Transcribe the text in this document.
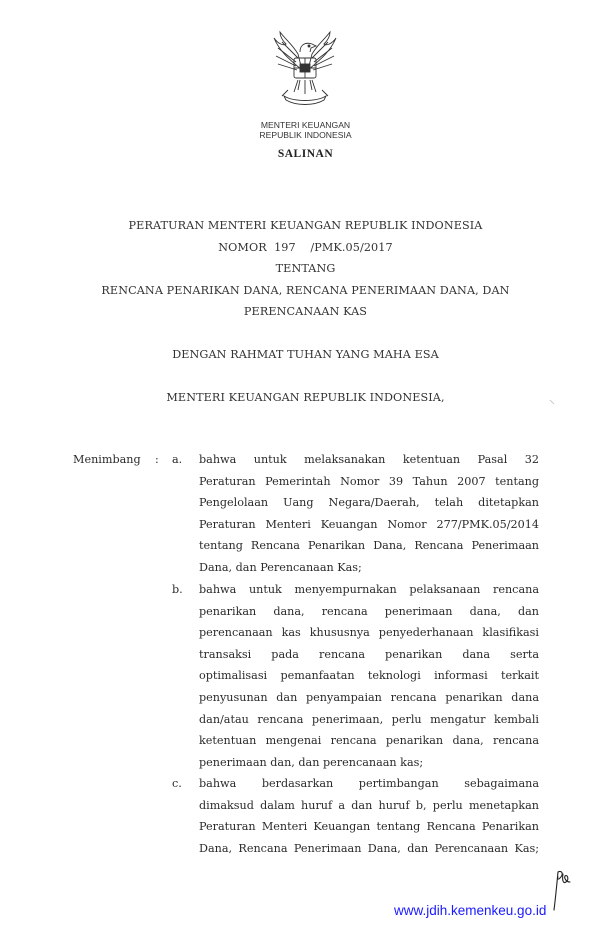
MENTERI KEUANGAN
REPUBLIK INDONESIA
SALINAN
PERATURAN MENTERI KEUANGAN REPUBLIK INDONESIA
NOMOR  197    /PMK.05/2017
TENTANG
RENCANA PENARIKAN DANA, RENCANA PENERIMAAN DANA, DAN
PERENCANAAN KAS
DENGAN RAHMAT TUHAN YANG MAHA ESA
MENTERI KEUANGAN REPUBLIK INDONESIA,
Menimbang : a. bahwa untuk melaksanakan ketentuan Pasal 32
Peraturan Pemerintah Nomor 39 Tahun 2007 tentang
Pengelolaan Uang Negara/Daerah, telah ditetapkan
Peraturan Menteri Keuangan Nomor 277/PMK.05/2014
tentang Rencana Penarikan Dana, Rencana Penerimaan
Dana, dan Perencanaan Kas;
b. bahwa untuk menyempurnakan pelaksanaan rencana
penarikan dana, rencana penerimaan dana, dan
perencanaan kas khususnya penyederhanaan klasifikasi
transaksi pada rencana penarikan dana serta
optimalisasi pemanfaatan teknologi informasi terkait
penyusunan dan penyampaian rencana penarikan dana
dan/atau rencana penerimaan, perlu mengatur kembali
ketentuan mengenai rencana penarikan dana, rencana
penerimaan dan, dan perencanaan kas;
c. bahwa berdasarkan pertimbangan sebagaimana
dimaksud dalam huruf a dan huruf b, perlu menetapkan
Peraturan Menteri Keuangan tentang Rencana Penarikan
Dana, Rencana Penerimaan Dana, dan Perencanaan Kas;
www.jdih.kemenkeu.go.id
